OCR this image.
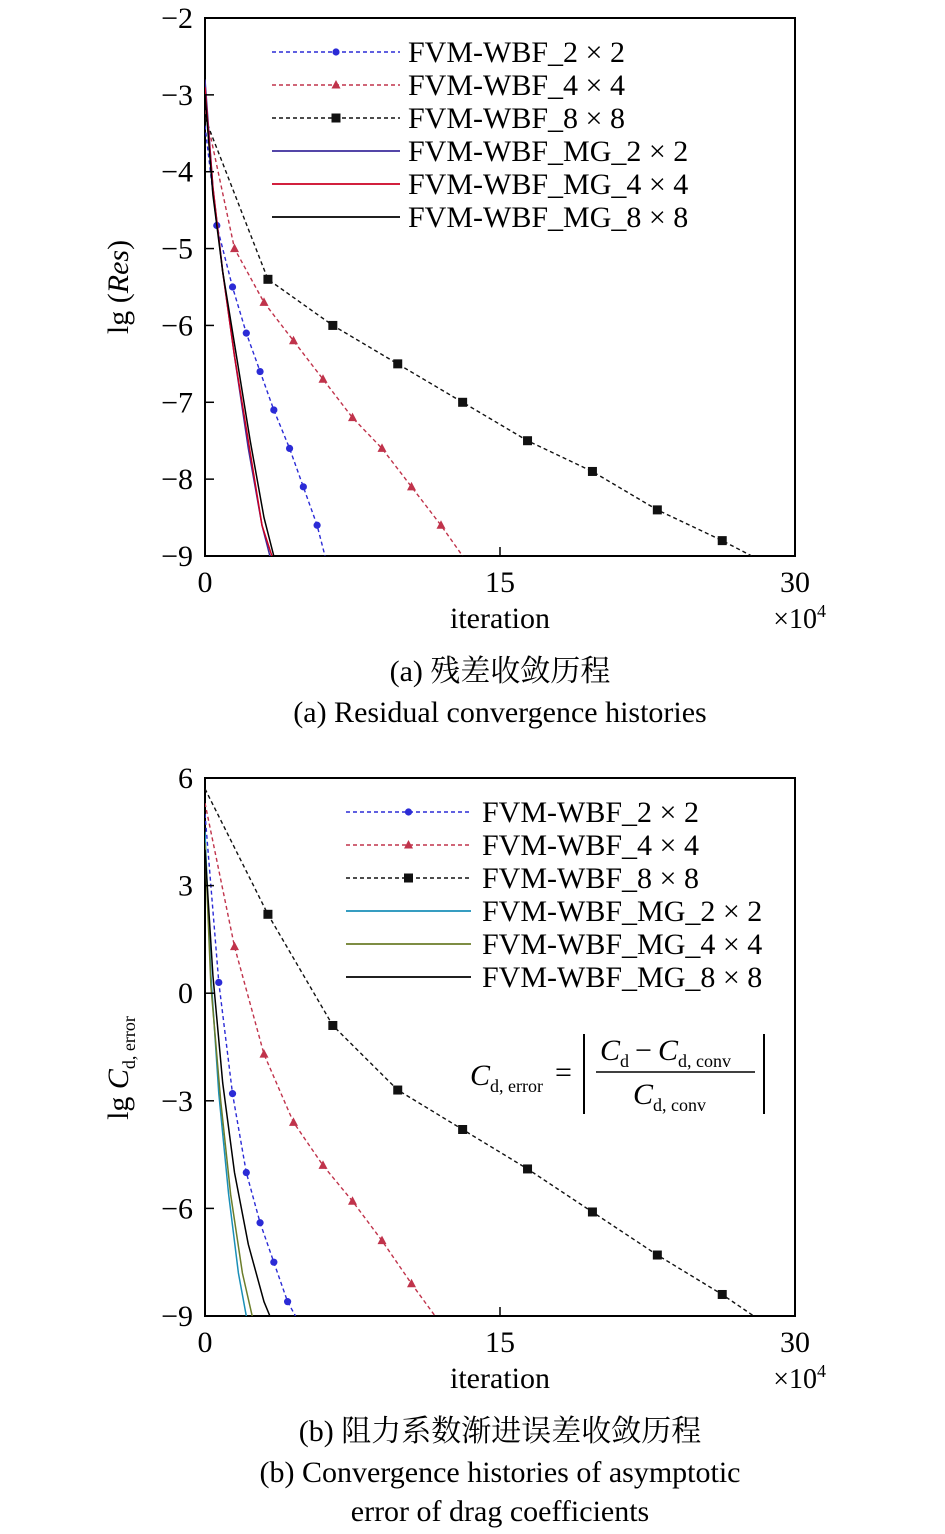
−2
−3
−4
−5
−6
−7
−8
−9
0	15	30
FVM-WBF_2 × 2
FVM-WBF_4 × 4
FVM-WBF_8 × 8
FVM-WBF_MG_2 × 2
FVM-WBF_MG_4 × 4
FVM-WBF_MG_8 × 8
lg (Res)
iteration	$\times 10^4$
6
3
0
−3
−6
−9
0	15	30
FVM-WBF_2 × 2
FVM-WBF_4 × 4
FVM-WBF_8 × 8
FVM-WBF_MG_2 × 2
FVM-WBF_MG_4 × 4
FVM-WBF_MG_8 × 8
$\lg C_{d, error}$
iteration	$\times 10^4$
$C_{d, error}$ =
$C_d - C_{d, conv}$
$C_{d, conv}$
(a) 残差收敛历程
(a) Residual convergence histories
(b) 阻力系数渐进误差收敛历程
(b) Convergence histories of asymptotic
error of drag coefficients
